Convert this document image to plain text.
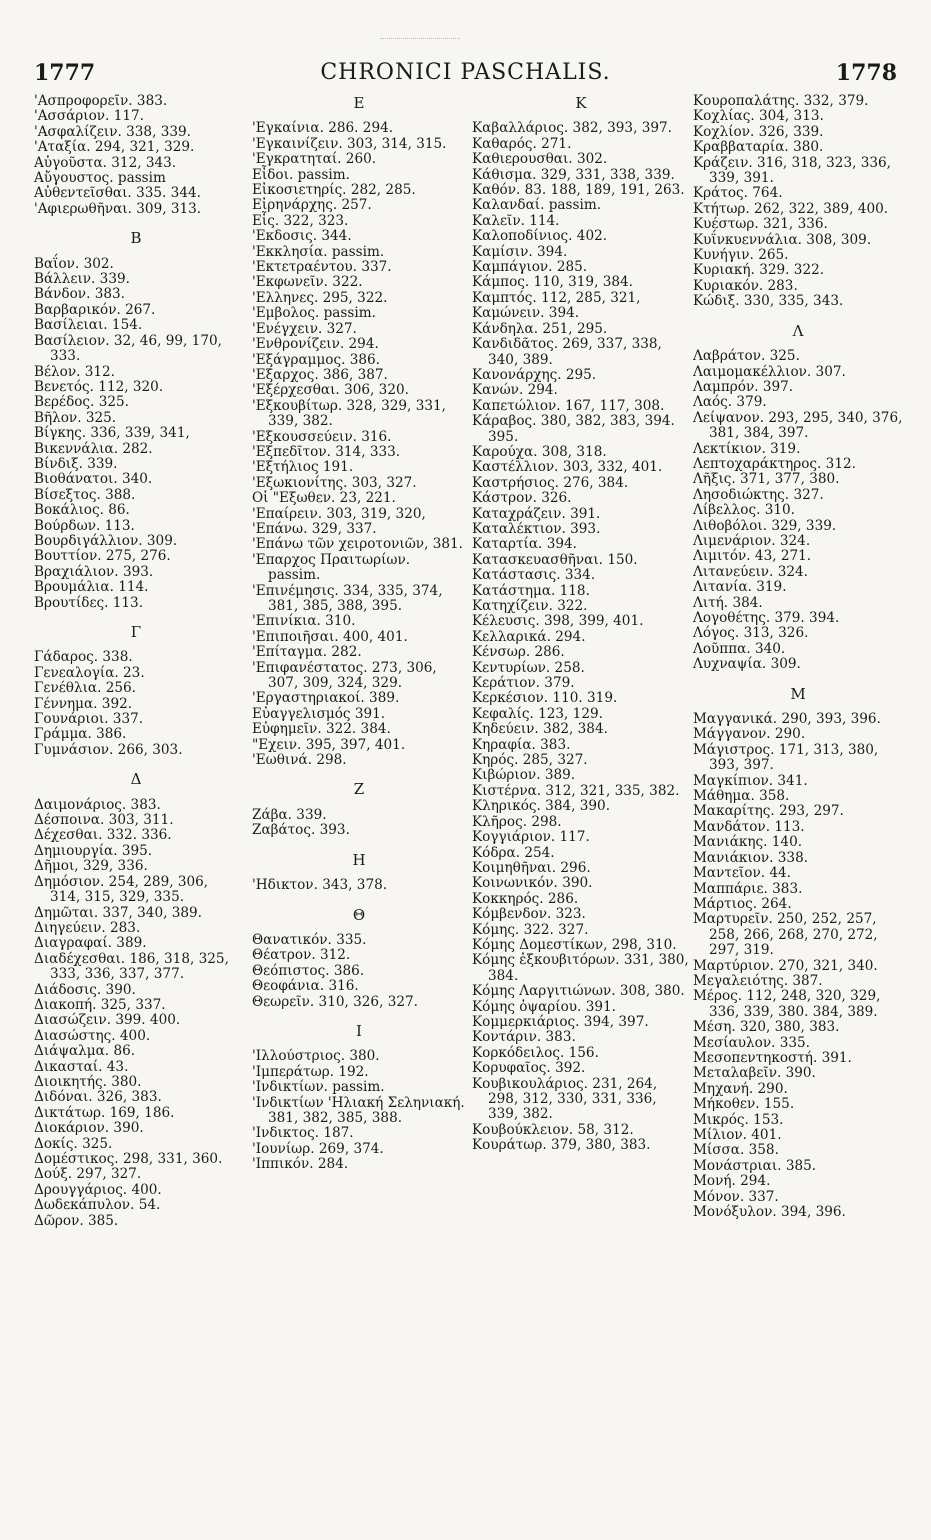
1777	CHRONICI PASCHALIS.	1778

'Ασπροφορεῖν. 383.

'Ασσάριον. 117.

'Ασφαλίζειν. 338, 339.

'Αταξία. 294, 321, 329.

Αὐγοῦστα. 312, 343.

Αὔγουστος. passim

Αὐθεντεῖσθαι. 335. 344.

'Αφιερωθῆναι. 309, 313.

B

Βαΐον. 302.

Βάλλειν. 339.

Βάνδον. 383.

Βαρβαρικόν. 267.

Βασίλειαι. 154.

Βασίλειον. 32, 46, 99, 170, 333.

Βέλον. 312.

Βενετός. 112, 320.

Βερέδος. 325.

Βῆλον. 325.

Βίγκης. 336, 339, 341,

Βικεννάλια. 282.

Βίνδιξ. 339.

Βιοθάνατοι. 340.

Βίσεξτος. 388.

Βοκάλιος. 86.

Βούρδων. 113.

Βουρδιγάλλιον. 309.

Βουττίον. 275, 276.

Βραχιάλιον. 393.

Βρουμάλια. 114.

Βρουτίδες. 113.

Γ

Γάδαρος. 338.

Γενεαλογία. 23.

Γενέθλια. 256.

Γέννημα. 392.

Γουνάριοι. 337.

Γράμμα. 386.

Γυμνάσιον. 266, 303.

Δ

Δαιμονάριος. 383.

Δέσποινα. 303, 311.

Δέχεσθαι. 332. 336.

Δημιουργία. 395.

Δῆμοι, 329, 336.

Δημόσιον. 254, 289, 306, 314, 315, 329, 335.

Δημῶται. 337, 340, 389.

Διηγεύειν. 283.

Διαγραφαί. 389.

Διαδέχεσθαι. 186, 318, 325, 333, 336, 337, 377.

Διάδοσις. 390.

Διακοπή. 325, 337.

Διασώζειν. 399. 400.

Διασώστης. 400.

Διάψαλμα. 86.

Δικασταί. 43.

Διοικητής. 380.

Διδόναι. 326, 383.

Δικτάτωρ. 169, 186.

Διοκάριον. 390.

Δοκίς. 325.

Δομέστικος. 298, 331, 360.

Δούξ. 297, 327.

Δρουγγάριος. 400.

Δωδεκάπυλον. 54.

Δῶρον. 385.

E

'Εγκαίνια. 286. 294.

'Εγκαινίζειν. 303, 314, 315.

'Εγκρατηταί. 260.

Εἶδοι. passim.

Εἰκοσιετηρίς. 282, 285.

Εἰρηνάρχης. 257.

Εἷς. 322, 323.

'Εκδοσις. 344.

'Εκκλησία. passim.

'Εκτετραέντου. 337.

'Εκφωνεῖν. 322.

'Ελληνες. 295, 322.

'Εμβολος. passim.

'Ενέγχειν. 327.

'Ενθρονίζειν. 294.

'Εξάγραμμος. 386.

'Εξαρχος. 386, 387.

'Εξέρχεσθαι. 306, 320.

'Εξκουβίτωρ. 328, 329, 331, 339, 382.

'Εξκουσσεύειν. 316.

'Εξπεδῖτον. 314, 333.

'Εξτήλιος 191.

'Εξωκιονίτης. 303, 327.

Οἱ "Εξωθεν. 23, 221.

'Επαίρειν. 303, 319, 320,

'Επάνω. 329, 337.

'Επάνω τῶν χειροτονιῶν, 381.

'Επαρχος Πραιτωρίων. passim.

'Επινέμησις. 334, 335, 374, 381, 385, 388, 395.

'Επινίκια. 310.

'Επιποιῆσαι. 400, 401.

'Επίταγμα. 282.

'Επιφανέστατος. 273, 306, 307, 309, 324, 329.

'Εργαστηριακοί. 389.

Εὐαγγελισμός 391.

Εὐφημεῖν. 322. 384.

"Εχειν. 395, 397, 401.

'Εωθινά. 298.

Z

Ζάβα. 339.

Ζαβάτος. 393.

H

'Ηδικτον. 343, 378.

Θ

Θανατικόν. 335.

Θέατρον. 312.

Θεόπιστος. 386.

Θεοφάνια. 316.

Θεωρεῖν. 310, 326, 327.

I

'Ιλλούστριος. 380.

'Ιμπεράτωρ. 192.

'Ινδικτίων. passim.

'Ινδικτίων 'Ηλιακή Σεληνιακή. 381, 382, 385, 388.

'Ινδικτος. 187.

'Ιουνίωρ. 269, 374.

'Ιππικόν. 284.

K

Καβαλλάριος. 382, 393, 397.

Καθαρός. 271.

Καθιερουσθαι. 302.

Κάθισμα. 329, 331, 338, 339.

Καθόν. 83. 188, 189, 191, 263.

Καλανδαί. passim.

Καλεῖν. 114.

Καλοποδίνιος. 402.

Καμίσιν. 394.

Καμπάγιον. 285.

Κάμπος. 110, 319, 384.

Καμπτός. 112, 285, 321,

Καμώνειν. 394.

Κάνδηλα. 251, 295.

Κανδιδᾶτος. 269, 337, 338, 340, 389.

Κανονάρχης. 295.

Κανών. 294.

Καπετώλιον. 167, 117, 308.

Κάραβος. 380, 382, 383, 394. 395.

Καρούχα. 308, 318.

Καστέλλιον. 303, 332, 401.

Καστρήσιος. 276, 384.

Κάστρον. 326.

Καταχράζειν. 391.

Καταλέκτιον. 393.

Καταρτία. 394.

Κατασκευασθῆναι. 150.

Κατάστασις. 334.

Κατάστημα. 118.

Κατηχίζειν. 322.

Κέλευσις. 398, 399, 401.

Κελλαρικά. 294.

Κένσωρ. 286.

Κεντυρίων. 258.

Κεράτιον. 379.

Κερκέσιον. 110. 319.

Κεφαλίς. 123, 129.

Κηδεύειν. 382, 384.

Κηραφία. 383.

Κηρός. 285, 327.

Κιβώριον. 389.

Κιστέρνα. 312, 321, 335, 382.

Κληρικός. 384, 390.

Κλῆρος. 298.

Κογγιάριον. 117.

Κόδρα. 254.

Κοιμηθῆναι. 296.

Κοινωνικόν. 390.

Κοκκηρός. 286.

Κόμβενδον. 323.

Κόμης. 322. 327.

Κόμης Δομεστίκων, 298, 310.

Κόμης ἐξκουβιτόρων. 331, 380, 384.

Κόμης Λαργιτιώνων. 308, 380.

Κόμης ὀψαρίου. 391.

Κομμερκιάριος. 394, 397.

Κοντάριν. 383.

Κορκόδειλος. 156.

Κορυφαῖος. 392.

Κουβικουλάριος. 231, 264, 298, 312, 330, 331, 336, 339, 382.

Κουβούκλειον. 58, 312.

Κουράτωρ. 379, 380, 383.

Κουροπαλάτης. 332, 379.

Κοχλίας. 304, 313.

Κοχλίον. 326, 339.

Κραββαταρία. 380.

Κράζειν. 316, 318, 323, 336, 339, 391.

Κράτος. 764.

Κτήτωρ. 262, 322, 389, 400.

Κυέστωρ. 321, 336.

Κυΐνκυεννάλια. 308, 309.

Κυνήγιν. 265.

Κυριακή. 329. 322.

Κυριακόν. 283.

Κώδιξ. 330, 335, 343.

Λ

Λαβράτον. 325.

Λαιμομακέλλιον. 307.

Λαμπρόν. 397.

Λαός. 379.

Λείψανον. 293, 295, 340, 376, 381, 384, 397.

Λεκτίκιον. 319.

Λεπτοχαράκτηρος. 312.

Λῆξις. 371, 377, 380.

Λησοδιώκτης. 327.

Λίβελλος. 310.

Λιθοβόλοι. 329, 339.

Λιμενάριον. 324.

Λιμιτόν. 43, 271.

Λιτανεύειν. 324.

Λιτανία. 319.

Λιτή. 384.

Λογοθέτης. 379. 394.

Λόγος. 313, 326.

Λοῦππα. 340.

Λυχναψία. 309.

M

Μαγγανικά. 290, 393, 396.

Μάγγανον. 290.

Μάγιστρος. 171, 313, 380, 393, 397.

Μαγκίπιον. 341.

Μάθημα. 358.

Μακαρίτης. 293, 297.

Μανδάτον. 113.

Μανιάκης. 140.

Μανιάκιον. 338.

Μαντεῖον. 44.

Μαππάριε. 383.

Μάρτιος. 264.

Μαρτυρεῖν. 250, 252, 257, 258, 266, 268, 270, 272, 297, 319.

Μαρτύριον. 270, 321, 340.

Μεγαλειότης. 387.

Μέρος. 112, 248, 320, 329, 336, 339, 380. 384, 389.

Μέση. 320, 380, 383.

Μεσίαυλον. 335.

Μεσοπεντηκοστή. 391.

Μεταλαβεῖν. 390.

Μηχανή. 290.

Μήκοθεν. 155.

Μικρός. 153.

Μίλιον. 401.

Μίσσα. 358.

Μονάστριαι. 385.

Μονή. 294.

Μόνον. 337.

Μονόξυλον. 394, 396.
